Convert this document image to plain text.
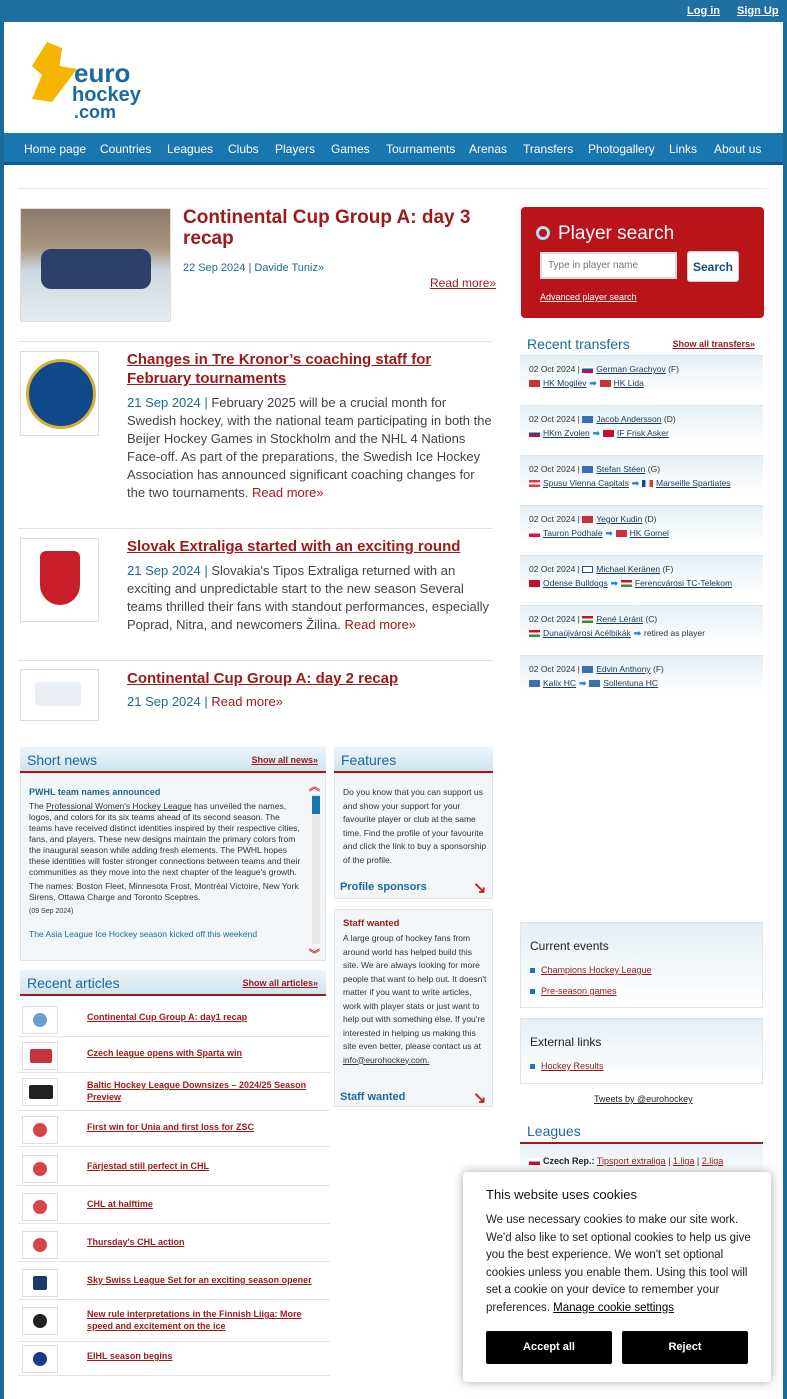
Log in Sign Up
euro
hockey
.com
Home page Countries Leagues Clubs Players Games Tournaments Arenas Transfers Photogallery Links About us
Continental Cup Group A: day 3 recap
22 Sep 2024 | Davide Tuniz»
Read more»
Changes in Tre Kronor’s coaching staff for February tournaments
21 Sep 2024 | February 2025 will be a crucial month for Swedish hockey, with the national team participating in both the Beijer Hockey Games in Stockholm and the NHL 4 Nations Face-off. As part of the preparations, the Swedish Ice Hockey Association has announced significant coaching changes for the two tournaments. Read more»
Slovak Extraliga started with an exciting round
21 Sep 2024 | Slovakia's Tipos Extraliga returned with an exciting and unpredictable start to the new season Several teams thrilled their fans with standout performances, especially Poprad, Nitra, and newcomers Žilina. Read more»
Continental Cup Group A: day 2 recap
21 Sep 2024 | Read more»
Short news	Show all news»
PWHL team names announced
The Professional Women's Hockey League has unveiled the names, logos, and colors for its six teams ahead of its second season. The teams have received distinct identities inspired by their respective cities, fans, and players. These new designs maintain the primary colors from the inaugural season while adding fresh elements. The PWHL hopes these identities will foster stronger connections between teams and their communities as they move into the next chapter of the league's growth.
The names: Boston Fleet, Minnesota Frost, Montréal Victoire, New York Sirens, Ottawa Charge and Toronto Sceptres.
(09 Sep 2024)
The Asia League Ice Hockey season kicked off this weekend
︽
︾
Recent articles	Show all articles»
Continental Cup Group A: day1 recap
Czech league opens with Sparta win
Baltic Hockey League Downsizes – 2024/25 Season Preview
First win for Unia and first loss for ZSC
Färjestad still perfect in CHL
CHL at halftime
Thursday's CHL action
Sky Swiss League Set for an exciting season opener
New rule interpretations in the Finnish Liiga: More speed and excitement on the ice
EIHL season begins
Features
Do you know that you can support us and show your support for your favourite player or club at the same time. Find the profile of your favourite and click the link to buy a sponsorship of the profile.
Profile sponsors	↘
Staff wanted
A large group of hockey fans from around world has helped build this site. We are always looking for more people that want to help out. It doesn't matter if you want to write articles, work with player stats or just want to help out with something else. If you're interested in helping us making this site even better, please contact us at info@eurohockey.com.
Staff wanted	↘
Player search
Type in player name
Search
Advanced player search
Recent transfers	Show all transfers»
02 Oct 2024 | German Grachyov (F)
HK Mogilev ➡ HK Lida
02 Oct 2024 | Jacob Andersson (D)
HKm Zvolen ➡ IF Frisk Asker
02 Oct 2024 | Stefan Stéen (G)
Spusu Vienna Capitals ➡ Marseille Spartiates
02 Oct 2024 | Yegor Kudin (D)
Tauron Podhale ➡ HK Gomel
02 Oct 2024 | Michael Keränen (F)
Odense Bulldogs ➡ Ferencvárosi TC-Telekom
02 Oct 2024 | René Léránt (C)
Dunaújvárosi Acélbikák ➡ retired as player
02 Oct 2024 | Edvin Anthony (F)
Kalix HC ➡ Sollentuna HC
Current events
Champions Hockey League
Pre-season games
External links
Hockey Results
Tweets by @eurohockey
Leagues
Czech Rep.: Tipsport extraliga | 1.liga | 2.liga
This website uses cookies
We use necessary cookies to make our site work. We'd also like to set optional cookies to help us give you the best experience. We won't set optional cookies unless you enable them. Using this tool will set a cookie on your device to remember your preferences. Manage cookie settings
Accept all	Reject
